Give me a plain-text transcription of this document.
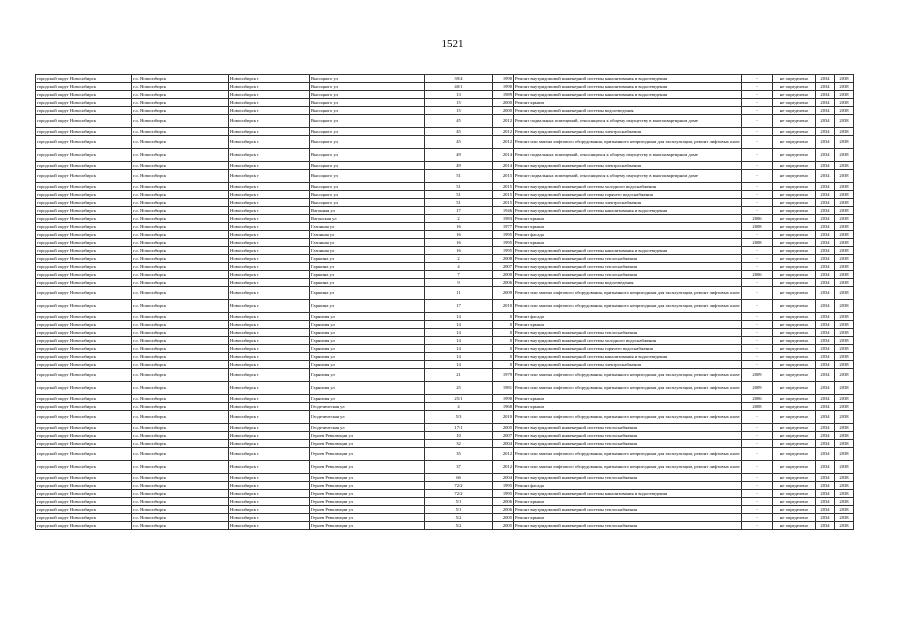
1521
городской округ Новосибирск	г.о. Новосибирск	Новосибирск г	Высоцкого ул	39/4	1990	Ремонт внутридомовой инженерной системы канализования и водоотведения	-	не определено	2034	2038
городской округ Новосибирск	г.о. Новосибирск	Новосибирск г	Высоцкого ул	40/1	1990	Ремонт внутридомовой инженерной системы канализования и водоотведения	-	не определено	2034	2038
городской округ Новосибирск	г.о. Новосибирск	Новосибирск г	Высоцкого ул	13	1989	Ремонт внутридомовой инженерной системы канализования и водоотведения	-	не определено	2034	2038
городской округ Новосибирск	г.о. Новосибирск	Новосибирск г	Высоцкого ул	15	2000	Ремонт крыши	-	не определено	2034	2038
городской округ Новосибирск	г.о. Новосибирск	Новосибирск г	Высоцкого ул	15	2000	Ремонт внутридомовой инженерной системы водоотведения	-	не определено	2034	2038
городской округ Новосибирск	г.о. Новосибирск	Новосибирск г	Высоцкого ул	45	2012	Ремонт подвальных помещений, относящихся к общему имуществу в многоквартирном доме	-	не определено	2034	2038
городской округ Новосибирск	г.о. Новосибирск	Новосибирск г	Высоцкого ул	45	2012	Ремонт внутридомовой инженерной системы электроснабжения	-	не определено	2034	2038
городской округ Новосибирск	г.о. Новосибирск	Новосибирск г	Высоцкого ул	45	2012	Ремонт или замена лифтового оборудования, признанного непригодным для эксплуатации, ремонт лифтовых шахт	-	не определено	2034	2038
городской округ Новосибирск	г.о. Новосибирск	Новосибирск г	Высоцкого ул	49	2014	Ремонт подвальных помещений, относящихся к общему имуществу в многоквартирном доме	-	не определено	2034	2038
городской округ Новосибирск	г.о. Новосибирск	Новосибирск г	Высоцкого ул	49	2014	Ремонт внутридомовой инженерной системы электроснабжения	-	не определено	2034	2038
городской округ Новосибирск	г.о. Новосибирск	Новосибирск г	Высоцкого ул	51	2015	Ремонт подвальных помещений, относящихся к общему имуществу в многоквартирном доме	-	не определено	2034	2038
городской округ Новосибирск	г.о. Новосибирск	Новосибирск г	Высоцкого ул	51	2015	Ремонт внутридомовой инженерной системы холодного водоснабжения	-	не определено	2034	2038
городской округ Новосибирск	г.о. Новосибирск	Новосибирск г	Высоцкого ул	51	2015	Ремонт внутридомовой инженерной системы горячего водоснабжения	-	не определено	2034	2038
городской округ Новосибирск	г.о. Новосибирск	Новосибирск г	Высоцкого ул	51	2015	Ремонт внутридомовой инженерной системы электроснабжения	-	не определено	2034	2038
городской округ Новосибирск	г.о. Новосибирск	Новосибирск г	Вагонная ул	17	1946	Ремонт внутридомовой инженерной системы канализования и водоотведения	-	не определено	2034	2038
городской округ Новосибирск	г.о. Новосибирск	Новосибирск г	Вагонская ул	2	1983	Ремонт крыши	2006	не определено	2034	2038
городской округ Новосибирск	г.о. Новосибирск	Новосибирск г	Газонная ул	16	1977	Ремонт крыши	2008	не определено	2034	2038
городской округ Новосибирск	г.о. Новосибирск	Новосибирск г	Газонная ул	16	1995	Ремонт фасада	-	не определено	2034	2038
городской округ Новосибирск	г.о. Новосибирск	Новосибирск г	Газонная ул	16	1995	Ремонт крыши	2008	не определено	2034	2038
городской округ Новосибирск	г.о. Новосибирск	Новосибирск г	Газонная ул	16	1995	Ремонт внутридомовой инженерной системы канализования и водоотведения	-	не определено	2034	2038
городской округ Новосибирск	г.о. Новосибирск	Новосибирск г	Гаршина ул	2	2008	Ремонт внутридомовой инженерной системы теплоснабжения	-	не определено	2034	2038
городской округ Новосибирск	г.о. Новосибирск	Новосибирск г	Гаршина ул	4	2007	Ремонт внутридомовой инженерной системы теплоснабжения	-	не определено	2034	2038
городской округ Новосибирск	г.о. Новосибирск	Новосибирск г	Гаршина ул	7	2000	Ремонт внутридомовой инженерной системы теплоснабжения	2006	не определено	2034	2038
городской округ Новосибирск	г.о. Новосибирск	Новосибирск г	Гаршина ул	9	2006	Ремонт внутридомовой инженерной системы водоотведения	-	не определено	2034	2038
городской округ Новосибирск	г.о. Новосибирск	Новосибирск г	Гаршина ул	11	2009	Ремонт или замена лифтового оборудования, признанного непригодным для эксплуатации, ремонт лифтовых шахт	-	не определено	2034	2038
городской округ Новосибирск	г.о. Новосибирск	Новосибирск г	Гаршина ул	17	2010	Ремонт или замена лифтового оборудования, признанного непригодным для эксплуатации, ремонт лифтовых шахт	-	не определено	2034	2038
городской округ Новосибирск	г.о. Новосибирск	Новосибирск г	Гарнизия ул	14	0	Ремонт фасада	-	не определено	2034	2038
городской округ Новосибирск	г.о. Новосибирск	Новосибирск г	Гарнизия ул	14	0	Ремонт крыши	-	не определено	2034	2038
городской округ Новосибирск	г.о. Новосибирск	Новосибирск г	Гарнизия ул	14	0	Ремонт внутридомовой инженерной системы теплоснабжения	-	не определено	2034	2038
городской округ Новосибирск	г.о. Новосибирск	Новосибирск г	Гарнизия ул	14	0	Ремонт внутридомовой инженерной системы холодного водоснабжения	-	не определено	2034	2038
городской округ Новосибирск	г.о. Новосибирск	Новосибирск г	Гарнизия ул	14	0	Ремонт внутридомовой инженерной системы горячего водоснабжения	-	не определено	2034	2038
городской округ Новосибирск	г.о. Новосибирск	Новосибирск г	Гарнизия ул	14	0	Ремонт внутридомовой инженерной системы канализования и водоотведения	-	не определено	2034	2038
городской округ Новосибирск	г.о. Новосибирск	Новосибирск г	Гарнизия ул	14	0	Ремонт внутридомовой инженерной системы электроснабжения	-	не определено	2034	2038
городской округ Новосибирск	г.о. Новосибирск	Новосибирск г	Гарнизия ул	21	1979	Ремонт или замена лифтового оборудования, признанного непригодным для эксплуатации, ремонт лифтовых шахт	2009	не определено	2034	2038
городской округ Новосибирск	г.о. Новосибирск	Новосибирск г	Гарнизия ул	25	1981	Ремонт или замена лифтового оборудования, признанного непригодным для эксплуатации, ремонт лифтовых шахт	2009	не определено	2034	2038
городской округ Новосибирск	г.о. Новосибирск	Новосибирск г	Гарнизия ул	25/1	1990	Ремонт крыши	2006	не определено	2034	2038
городской округ Новосибирск	г.о. Новосибирск	Новосибирск г	Геодезическая ул	4	1968	Ремонт крыши	2008	не определено	2034	2038
городской округ Новосибирск	г.о. Новосибирск	Новосибирск г	Геодезическая ул	5/3	2010	Ремонт или замена лифтового оборудования, признанного непригодным для эксплуатации, ремонт лифтовых шахт	-	не определено	2034	2038
городской округ Новосибирск	г.о. Новосибирск	Новосибирск г	Геодезическая ул	17/1	2005	Ремонт внутридомовой инженерной системы теплоснабжения	-	не определено	2034	2038
городской округ Новосибирск	г.о. Новосибирск	Новосибирск г	Героев Революции ул	10	2007	Ремонт внутридомовой инженерной системы теплоснабжения	-	не определено	2034	2038
городской округ Новосибирск	г.о. Новосибирск	Новосибирск г	Героев Революции ул	32	2004	Ремонт внутридомовой инженерной системы теплоснабжения	-	не определено	2034	2038
городской округ Новосибирск	г.о. Новосибирск	Новосибирск г	Героев Революции ул	35	2012	Ремонт или замена лифтового оборудования, признанного непригодным для эксплуатации, ремонт лифтовых шахт	-	не определено	2034	2038
городской округ Новосибирск	г.о. Новосибирск	Новосибирск г	Героев Революции ул	37	2012	Ремонт или замена лифтового оборудования, признанного непригодным для эксплуатации, ремонт лифтовых шахт	-	не определено	2034	2038
городской округ Новосибирск	г.о. Новосибирск	Новосибирск г	Героев Революции ул	66	2004	Ремонт внутридомовой инженерной системы теплоснабжения	-	не определено	2034	2038
городской округ Новосибирск	г.о. Новосибирск	Новосибирск г	Героев Революции ул	72/2	1995	Ремонт фасада	-	не определено	2034	2038
городской округ Новосибирск	г.о. Новосибирск	Новосибирск г	Героев Революции ул	72/2	1995	Ремонт внутридомовой инженерной системы канализования и водоотведения	-	не определено	2034	2038
городской округ Новосибирск	г.о. Новосибирск	Новосибирск г	Героев Революции ул	5/1	2006	Ремонт крыши	-	не определено	2034	2038
городской округ Новосибирск	г.о. Новосибирск	Новосибирск г	Героев Революции ул	5/1	2006	Ремонт внутридомовой инженерной системы теплоснабжения	-	не определено	2034	2038
городской округ Новосибирск	г.о. Новосибирск	Новосибирск г	Героев Революции ул	5/2	2005	Ремонт крыши	-	не определено	2034	2038
городской округ Новосибирск	г.о. Новосибирск	Новосибирск г	Героев Революции ул	5/2	2005	Ремонт внутридомовой инженерной системы теплоснабжения	-	не определено	2034	2038
